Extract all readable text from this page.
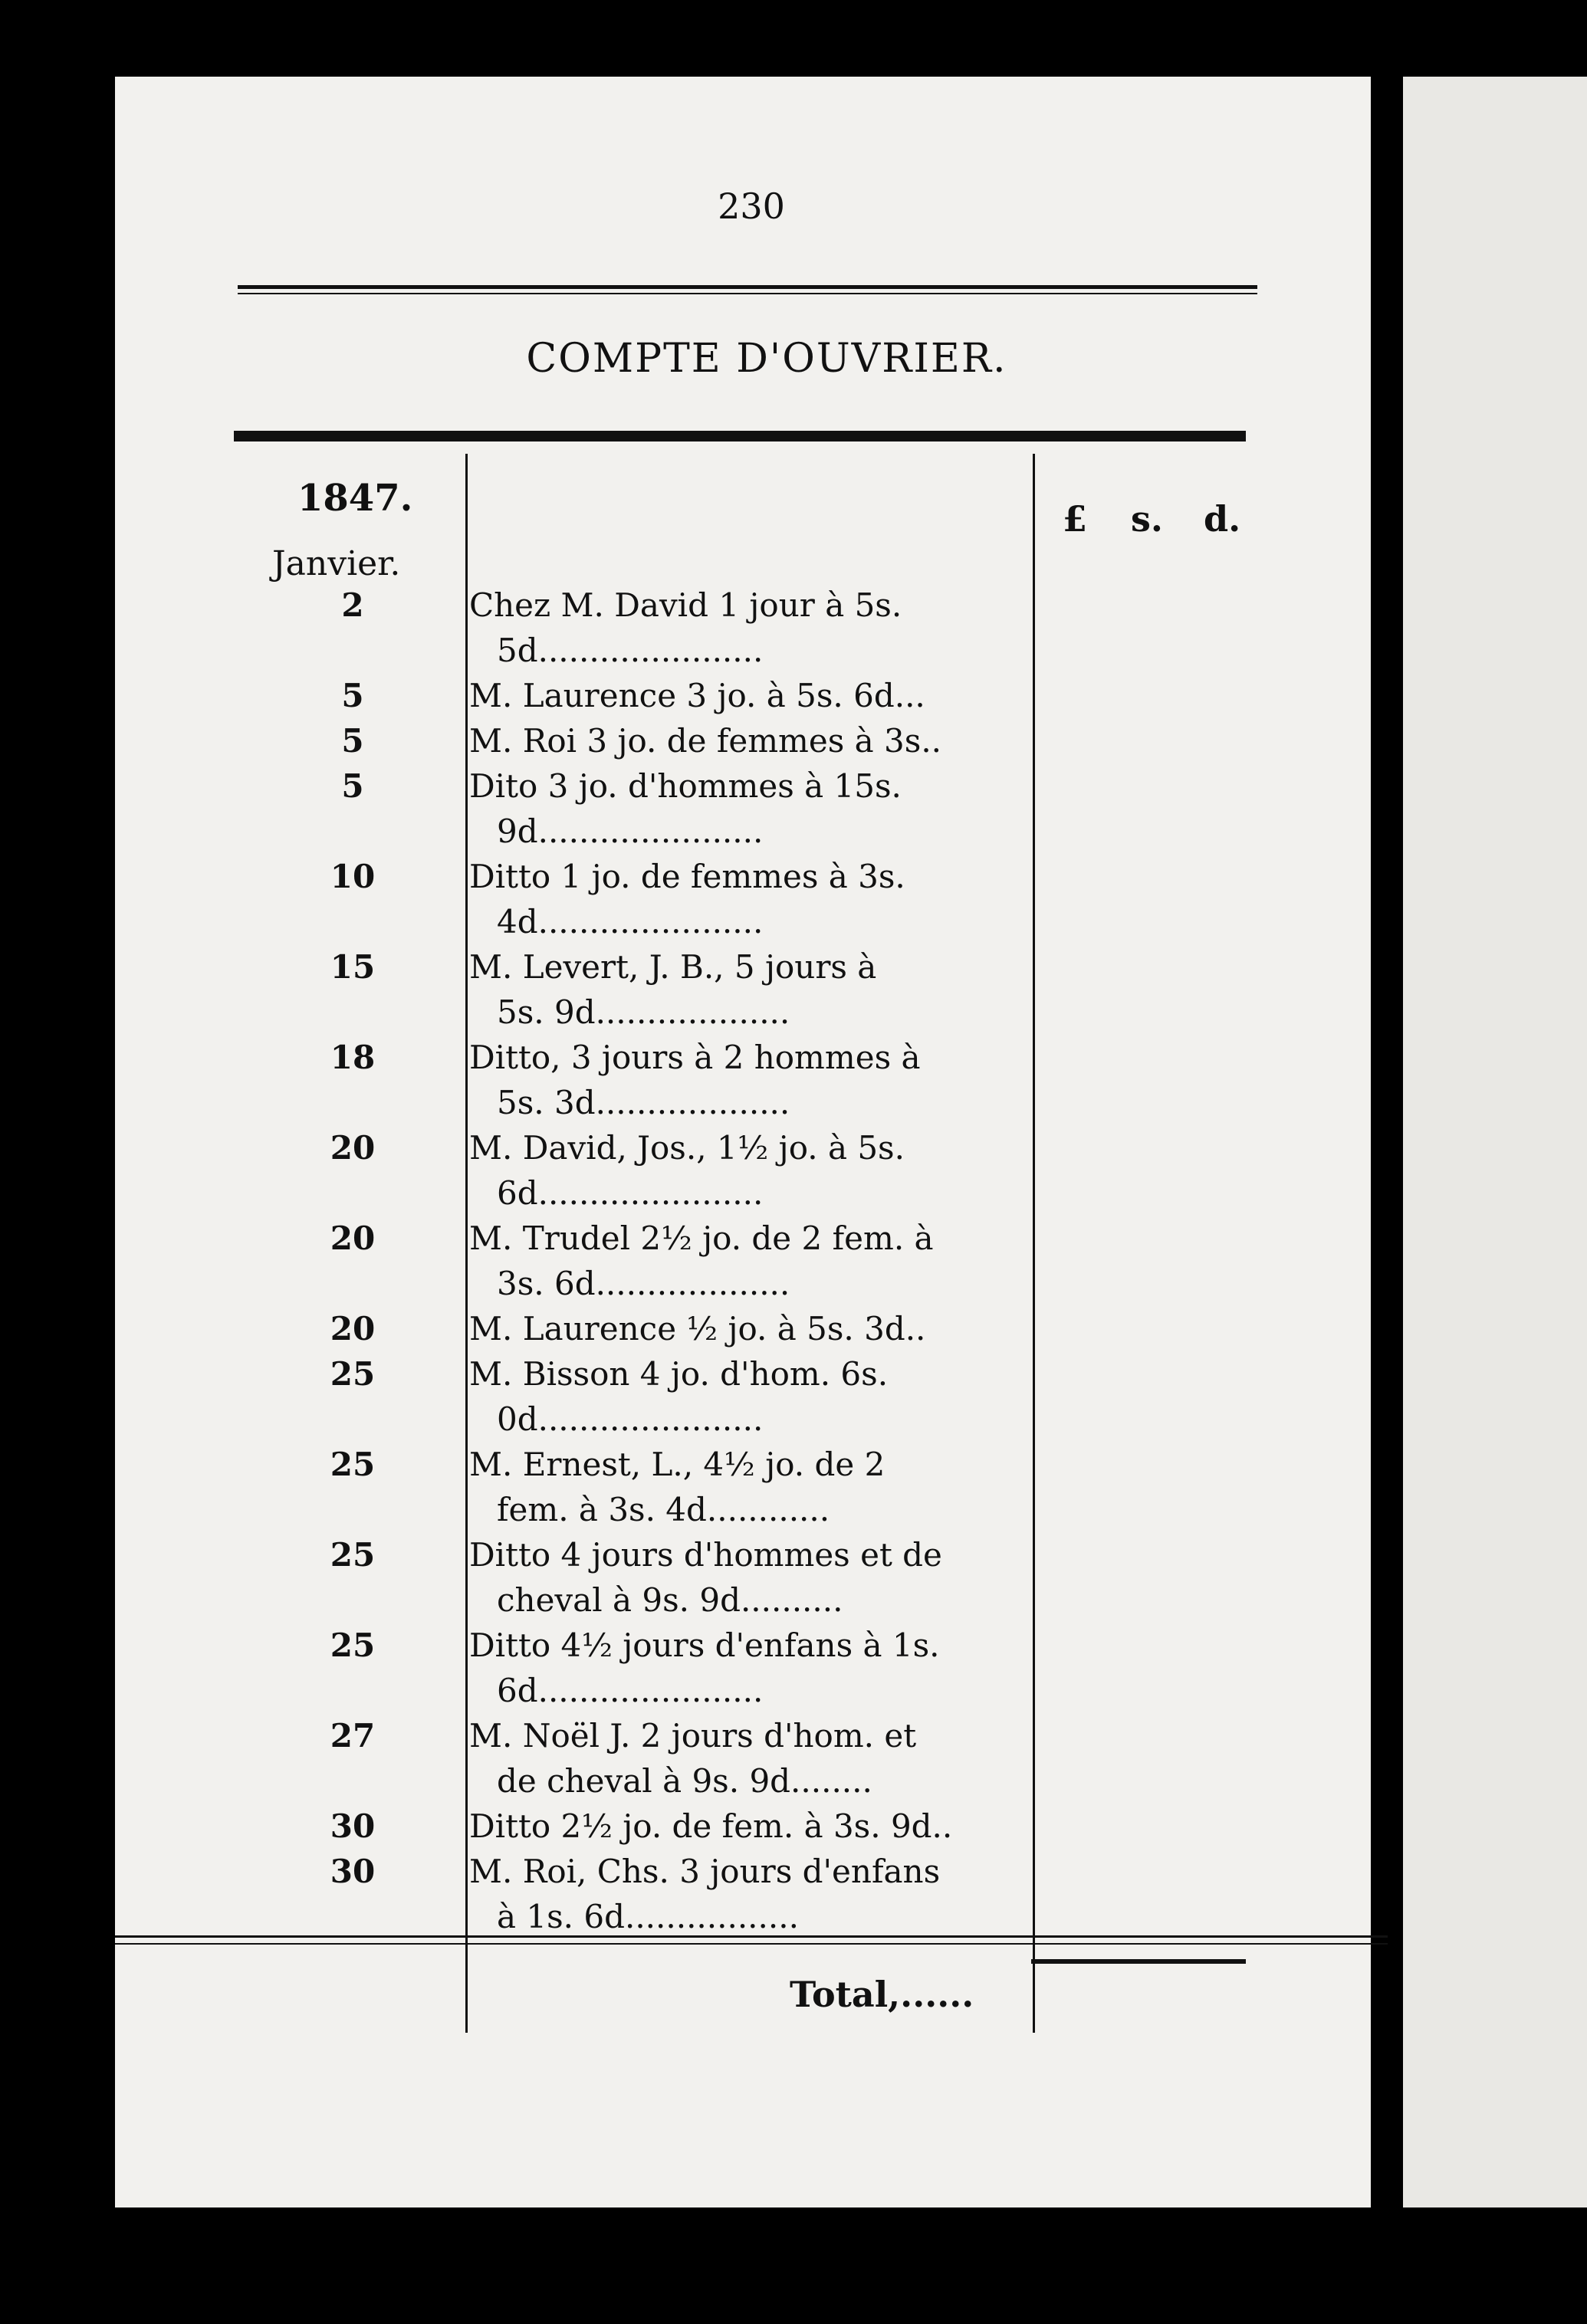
230
COMPTE D'OUVRIER.
1847.	£ s. d.
Janvier.
2
5
5
5
10
15
18
20
20
20
25
25
25
25
27
30
30
Chez M. David 1 jour à 5s.
5d......................
M. Laurence 3 jo. à 5s. 6d...
M. Roi 3 jo. de femmes à 3s..
Dito 3 jo. d'hommes à 15s.
9d......................
Ditto 1 jo. de femmes à 3s.
4d......................
M. Levert, J. B., 5 jours à
5s. 9d...................
Ditto, 3 jours à 2 hommes à
5s. 3d...................
M. David, Jos., 1½ jo. à 5s.
6d......................
M. Trudel 2½ jo. de 2 fem. à
3s. 6d...................
M. Laurence ½ jo. à 5s. 3d..
M. Bisson 4 jo. d'hom. 6s.
0d......................
M. Ernest, L., 4½ jo. de 2
fem. à 3s. 4d............
Ditto 4 jours d'hommes et de
cheval à 9s. 9d..........
Ditto 4½ jours d'enfans à 1s.
6d......................
M. Noël J. 2 jours d'hom. et
de cheval à 9s. 9d........
Ditto 2½ jo. de fem. à 3s. 9d..
M. Roi, Chs. 3 jours d'enfans
à 1s. 6d.................
Total,......
